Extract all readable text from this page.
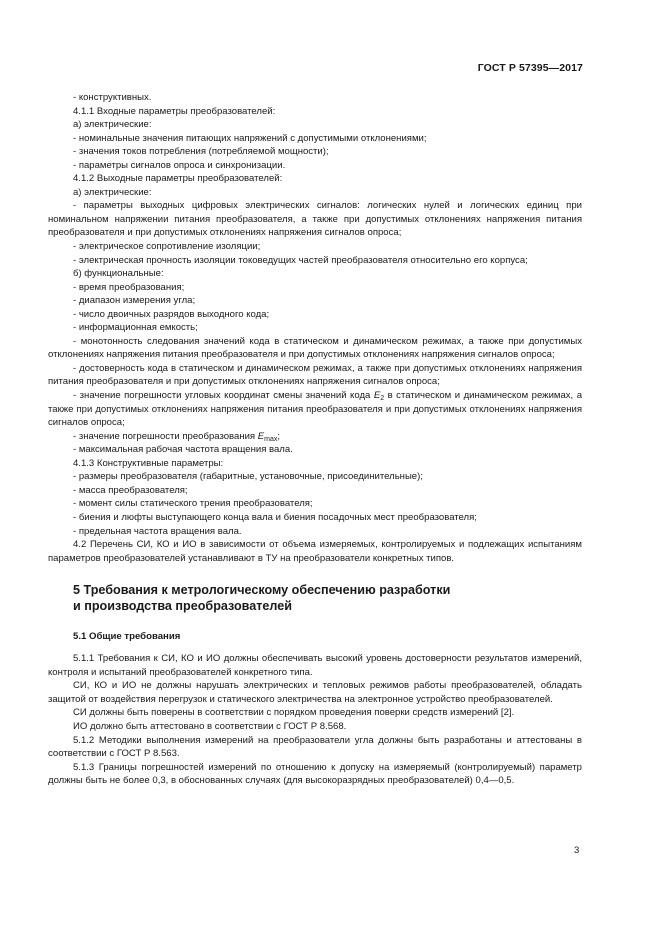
ГОСТ Р 57395—2017
- конструктивных.
4.1.1 Входные параметры преобразователей:
а) электрические:
- номинальные значения питающих напряжений с допустимыми отклонениями;
- значения токов потребления (потребляемой мощности);
- параметры сигналов опроса и синхронизации.
4.1.2 Выходные параметры преобразователей:
а) электрические:
- параметры выходных цифровых электрических сигналов: логических нулей и логических единиц при номинальном напряжении питания преобразователя, а также при допустимых отклонениях напряжения питания преобразователя и при допустимых отклонениях напряжения сигналов опроса;
- электрическое сопротивление изоляции;
- электрическая прочность изоляции токоведущих частей преобразователя относительно его корпуса;
б) функциональные:
- время преобразования;
- диапазон измерения угла;
- число двоичных разрядов выходного кода;
- информационная емкость;
- монотонность следования значений кода в статическом и динамическом режимах, а также при допустимых отклонениях напряжения питания преобразователя и при допустимых отклонениях напряжения сигналов опроса;
- достоверность кода в статическом и динамическом режимах, а также при допустимых отклонениях напряжения питания преобразователя и при допустимых отклонениях напряжения сигналов опроса;
- значение погрешности угловых координат смены значений кода $E_2$ в статическом и динамическом режимах, а также при допустимых отклонениях напряжения питания преобразователя и при допустимых отклонениях напряжения сигналов опроса;
- значение погрешности преобразования $E_{max}$;
- максимальная рабочая частота вращения вала.
4.1.3 Конструктивные параметры:
- размеры преобразователя (габаритные, установочные, присоединительные);
- масса преобразователя;
- момент силы статического трения преобразователя;
- биения и люфты выступающего конца вала и биения посадочных мест преобразователя;
- предельная частота вращения вала.
4.2 Перечень СИ, КО и ИО в зависимости от объема измеряемых, контролируемых и подлежащих испытаниям параметров преобразователей устанавливают в ТУ на преобразователи конкретных типов.
5 Требования к метрологическому обеспечению разработки
и производства преобразователей
5.1 Общие требования
5.1.1 Требования к СИ, КО и ИО должны обеспечивать высокий уровень достоверности результатов измерений, контроля и испытаний преобразователей конкретного типа.
СИ, КО и ИО не должны нарушать электрических и тепловых режимов работы преобразователей, обладать защитой от воздействия перегрузок и статического электричества на электронное устройство преобразователей.
СИ должны быть поверены в соответствии с порядком проведения поверки средств измерений [2].
ИО должно быть аттестовано в соответствии с ГОСТ Р 8.568.
5.1.2 Методики выполнения измерений на преобразователи угла должны быть разработаны и аттестованы в соответствии с ГОСТ Р 8.563.
5.1.3 Границы погрешностей измерений по отношению к допуску на измеряемый (контролируемый) параметр должны быть не более 0,3, в обоснованных случаях (для высокоразрядных преобразователей) 0,4—0,5.
3
